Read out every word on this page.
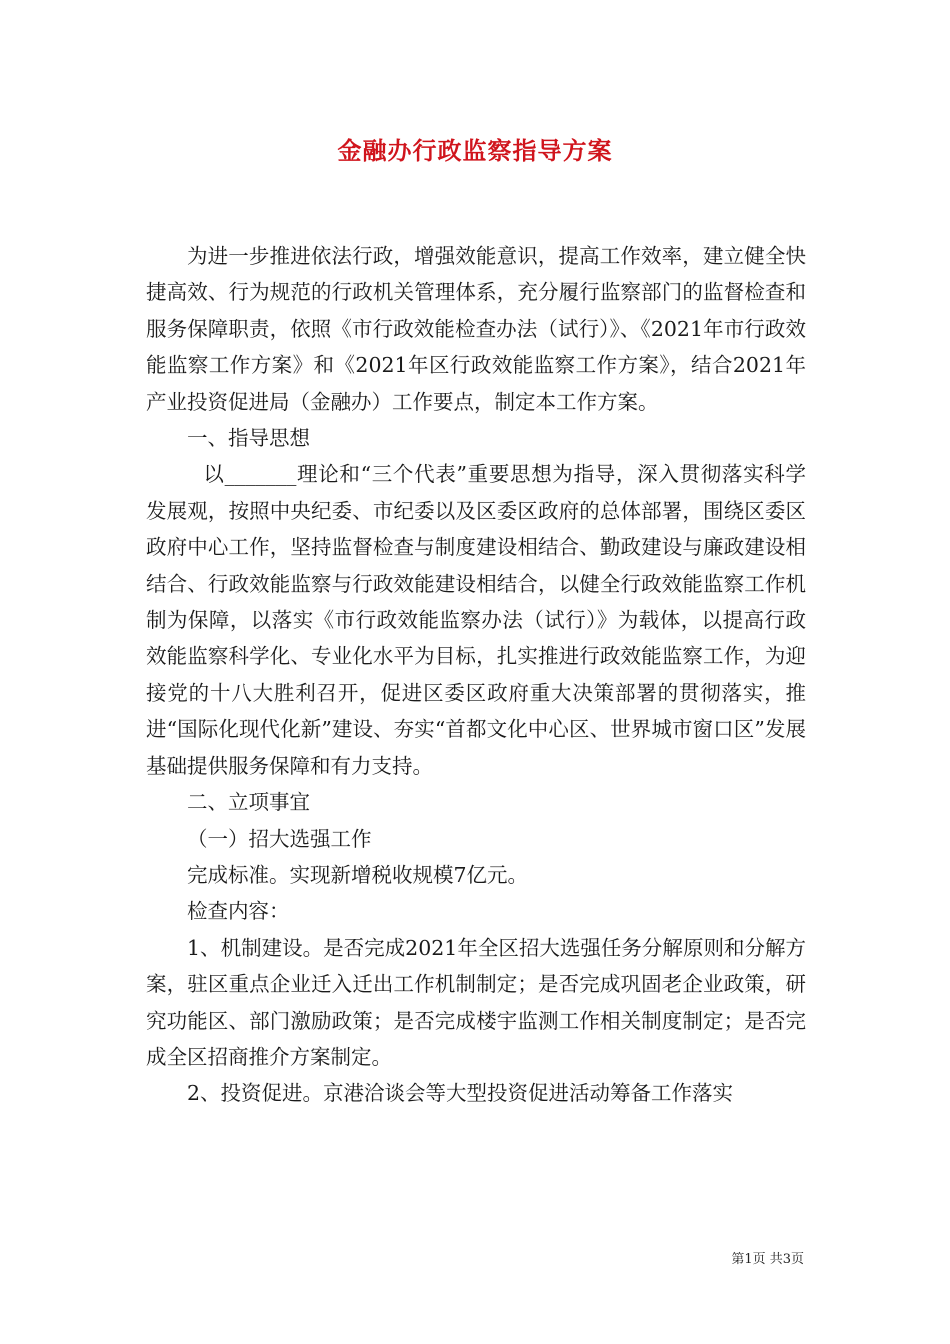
金融办行政监察指导方案

为进一步推进依法行政，增强效能意识，提高工作效率，建立健全快捷高效、行为规范的行政机关管理体系，充分履行监察部门的监督检查和服务保障职责，依照《市行政效能检查办法（试行）》、《2021年市行政效能监察工作方案》和《2021年区行政效能监察工作方案》，结合2021年产业投资促进局（金融办）工作要点，制定本工作方案。

一、指导思想

以_______理论和“三个代表”重要思想为指导，深入贯彻落实科学发展观，按照中央纪委、市纪委以及区委区政府的总体部署，围绕区委区政府中心工作，坚持监督检查与制度建设相结合、勤政建设与廉政建设相结合、行政效能监察与行政效能建设相结合，以健全行政效能监察工作机制为保障，以落实《市行政效能监察办法（试行）》为载体，以提高行政效能监察科学化、专业化水平为目标，扎实推进行政效能监察工作，为迎接党的十八大胜利召开，促进区委区政府重大决策部署的贯彻落实，推进“国际化现代化新”建设、夯实“首都文化中心区、世界城市窗口区”发展基础提供服务保障和有力支持。

二、立项事宜

（一）招大选强工作

完成标准。实现新增税收规模7亿元。

检查内容：

1、机制建设。是否完成2021年全区招大选强任务分解原则和分解方案，驻区重点企业迁入迁出工作机制制定；是否完成巩固老企业政策，研究功能区、部门激励政策；是否完成楼宇监测工作相关制度制定；是否完成全区招商推介方案制定。

2、投资促进。京港洽谈会等大型投资促进活动筹备工作落实

第1页 共3页
